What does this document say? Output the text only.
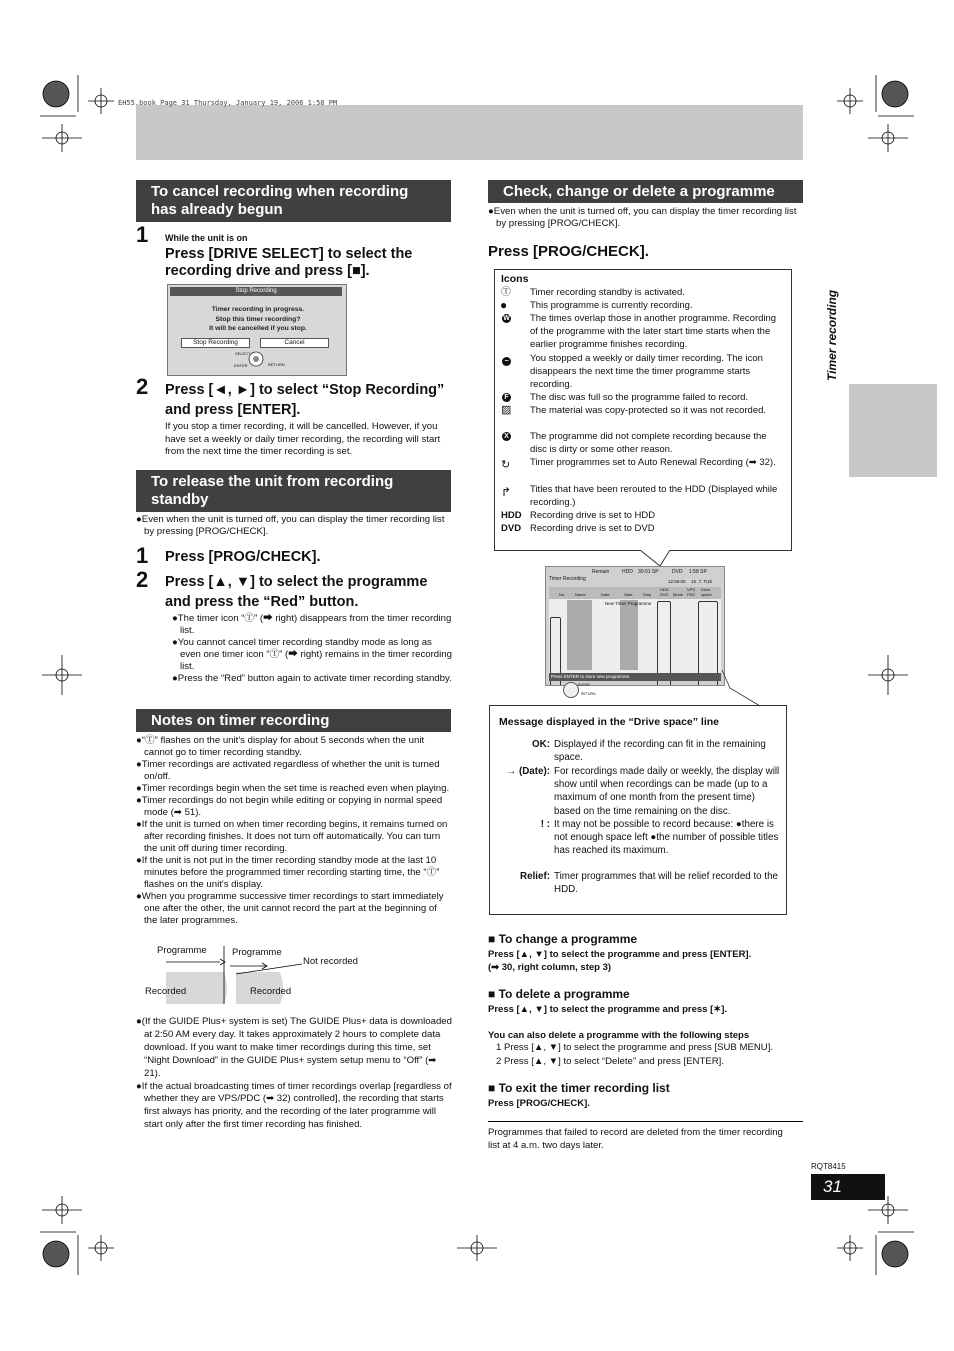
EH55.book Page 31 Thursday, January 19, 2006 1:58 PM
Timer recording
To cancel recording when recording has already begun
1 While the unit is on
Press [DRIVE SELECT] to select the recording drive and press [■].
Stop Recording
Timer recording in progress.
Stop this timer recording?
It will be cancelled if you stop.
Stop Recording	Cancel
SELECT
ENTER	RETURN
2 Press [◄, ►] to select “Stop Recording” and press [ENTER].
If you stop a timer recording, it will be cancelled. However, if you have set a weekly or daily timer recording, the recording will start from the next time the timer recording is set.
To release the unit from recording standby
●Even when the unit is turned off, you can display the timer recording list by pressing [PROG/CHECK].
1 Press [PROG/CHECK].
2 Press [▲, ▼] to select the programme and press the “Red” button.
●The timer icon “Ⓣ” (➡ right) disappears from the timer recording list.
●You cannot cancel timer recording standby mode as long as even one timer icon “Ⓣ” (➡ right) remains in the timer recording list.
●Press the “Red” button again to activate timer recording standby.
Notes on timer recording
●“Ⓣ” flashes on the unit's display for about 5 seconds when the unit cannot go to timer recording standby.
●Timer recordings are activated regardless of whether the unit is turned on/off.
●Timer recordings begin when the set time is reached even when playing.
●Timer recordings do not begin while editing or copying in normal speed mode (➡ 51).
●If the unit is turned on when timer recording begins, it remains turned on after recording finishes. It does not turn off automatically. You can turn the unit off during timer recording.
●If the unit is not put in the timer recording standby mode at the last 10 minutes before the programmed timer recording starting time, the “Ⓣ” flashes on the unit's display.
●When you programme successive timer recordings to start immediately one after the other, the unit cannot record the part at the beginning of the later programmes.
Programme	Programme
Not recorded
Recorded	Recorded
●(If the GUIDE Plus+ system is set) The GUIDE Plus+ data is downloaded at 2:50 AM every day. It takes approximately 2 hours to complete data download. If you want to make timer recordings during this time, set “Night Download” in the GUIDE Plus+ system setup menu to “Off” (➡ 21).
●If the actual broadcasting times of timer recordings overlap [regardless of whether they are VPS/PDC (➡ 32) controlled], the recording that starts first always has priority, and the recording of the later programme will start only after the first timer recording has finished.
Check, change or delete a programme
●Even when the unit is turned off, you can display the timer recording list by pressing [PROG/CHECK].
Press [PROG/CHECK].
Icons
Ⓣ Timer recording standby is activated.
● This programme is currently recording.
W The times overlap those in another programme. Recording of the programme with the later start time starts when the earlier programme finishes recording.
− You stopped a weekly or daily timer recording. The icon disappears the next time the timer programme starts recording.
F The disc was full so the programme failed to record.
▨ The material was copy-protected so it was not recorded.
X The programme did not complete recording because the disc is dirty or some other reason.
↻ Timer programmes set to Auto Renewal Recording (➡ 32).
↱ Titles that have been rerouted to the HDD (Displayed while recording.)
HDD Recording drive is set to HDD
DVD Recording drive is set to DVD
Timer Recording
Remain	HDD 30:01 SP	DVD 1:58 SP
12:56:00 15. 7. TUE
No. Name	Date	Start	Stop
HDD DVD	Mode
VPS PDC
Drive space
New Timer Programme
Press ENTER to store new programme.
ENTER
RETURN
Message displayed in the “Drive space” line
OK: Displayed if the recording can fit in the remaining space.
→ (Date): For recordings made daily or weekly, the display will show until when recordings can be made (up to a maximum of one month from the present time) based on the time remaining on the disc.
! : It may not be possible to record because: ●there is not enough space left ●the number of possible titles has reached its maximum.
Relief: Timer programmes that will be relief recorded to the HDD.
■ To change a programme
Press [▲, ▼] to select the programme and press [ENTER].
(➡ 30, right column, step 3)
■ To delete a programme
Press [▲, ▼] to select the programme and press [✶].
You can also delete a programme with the following steps
1 Press [▲, ▼] to select the programme and press [SUB MENU].
2 Press [▲, ▼] to select “Delete” and press [ENTER].
■ To exit the timer recording list
Press [PROG/CHECK].
Programmes that failed to record are deleted from the timer recording list at 4 a.m. two days later.
RQT8415
31
